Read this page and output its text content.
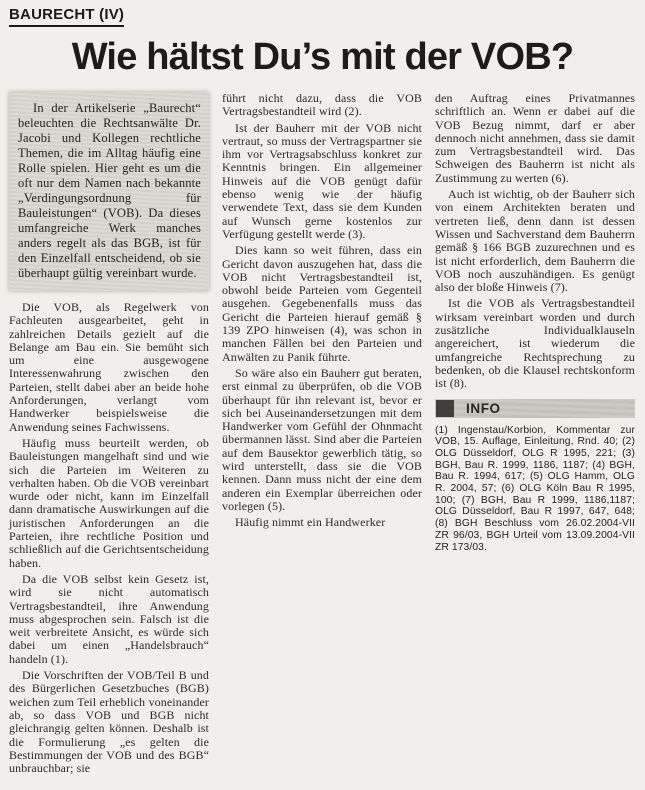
BAURECHT (IV)
Wie hältst Du’s mit der VOB?

In der Artikelserie „Baurecht“ beleuchten die Rechtsanwälte Dr. Jacobi und Kollegen rechtliche Themen, die im Alltag häufig eine Rolle spielen. Hier geht es um die oft nur dem Namen nach bekannte „Verdingungsordnung für Bauleistungen“ (VOB). Da dieses umfangreiche Werk manches anders regelt als das BGB, ist für den Einzelfall entscheidend, ob sie überhaupt gültig vereinbart wurde.

Die VOB, als Regelwerk von Fachleuten ausgearbeitet, geht in zahlreichen Details gezielt auf die Belange am Bau ein. Sie bemüht sich um eine ausgewogene Interessenwahrung zwischen den Parteien, stellt dabei aber an beide hohe Anforderungen, verlangt vom Handwerker beispielsweise die Anwendung seines Fachwissens.

Häufig muss beurteilt werden, ob Bauleistungen mangelhaft sind und wie sich die Parteien im Weiteren zu verhalten haben. Ob die VOB vereinbart wurde oder nicht, kann im Einzelfall dann dramatische Auswirkungen auf die juristischen Anforderungen an die Parteien, ihre rechtliche Position und schließlich auf die Gerichtsentscheidung haben.

Da die VOB selbst kein Gesetz ist, wird sie nicht automatisch Vertragsbestandteil, ihre Anwendung muss abgesprochen sein. Falsch ist die weit verbreitete Ansicht, es würde sich dabei um einen „Handelsbrauch“ handeln (1).

Die Vorschriften der VOB/Teil B und des Bürgerlichen Gesetzbuches (BGB) weichen zum Teil erheblich voneinander ab, so dass VOB und BGB nicht gleichrangig gelten können. Deshalb ist die Formulierung „es gelten die Bestimmungen der VOB und des BGB“ unbrauchbar; sie

führt nicht dazu, dass die VOB Vertragsbestandteil wird (2).

Ist der Bauherr mit der VOB nicht vertraut, so muss der Vertragspartner sie ihm vor Vertragsabschluss konkret zur Kenntnis bringen. Ein allgemeiner Hinweis auf die VOB genügt dafür ebenso wenig wie der häufig verwendete Text, dass sie dem Kunden auf Wunsch gerne kostenlos zur Verfügung gestellt werde (3).

Dies kann so weit führen, dass ein Gericht davon auszugehen hat, dass die VOB nicht Vertragsbestandteil ist, obwohl beide Parteien vom Gegenteil ausgehen. Gegebenenfalls muss das Gericht die Parteien hierauf gemäß § 139 ZPO hinweisen (4), was schon in manchen Fällen bei den Parteien und Anwälten zu Panik führte.

So wäre also ein Bauherr gut beraten, erst einmal zu überprüfen, ob die VOB überhaupt für ihn relevant ist, bevor er sich bei Auseinandersetzungen mit dem Handwerker vom Gefühl der Ohnmacht übermannen lässt. Sind aber die Parteien auf dem Bausektor gewerblich tätig, so wird unterstellt, dass sie die VOB kennen. Dann muss nicht der eine dem anderen ein Exemplar überreichen oder vorlegen (5).

Häufig nimmt ein Handwerker

den Auftrag eines Privatmannes schriftlich an. Wenn er dabei auf die VOB Bezug nimmt, darf er aber dennoch nicht annehmen, dass sie damit zum Vertragsbestandteil wird. Das Schweigen des Bauherrn ist nicht als Zustimmung zu werten (6).

Auch ist wichtig, ob der Bauherr sich von einem Architekten beraten und vertreten ließ, denn dann ist dessen Wissen und Sachverstand dem Bauherrn gemäß § 166 BGB zuzurechnen und es ist nicht erforderlich, dem Bauherrn die VOB noch auszuhändigen. Es genügt also der bloße Hinweis (7).

Ist die VOB als Vertragsbestandteil wirksam vereinbart worden und durch zusätzliche Individualklauseln angereichert, ist wiederum die umfangreiche Rechtsprechung zu bedenken, ob die Klausel rechtskonform ist (8).

INFO

(1) Ingenstau/Korbion, Kommentar zur VOB, 15. Auflage, Einleitung, Rnd. 40; (2) OLG Düsseldorf, OLG R 1995, 221; (3) BGH, Bau R. 1999, 1186, 1187; (4) BGH, Bau R. 1994, 617; (5) OLG Hamm, OLG R. 2004, 57; (6) OLG Köln Bau R 1995, 100; (7) BGH, Bau R 1999, 1186,1187; OLG Düsseldorf, Bau R 1997, 647, 648; (8) BGH Beschluss vom 26.02.2004-VII ZR 96/03, BGH Urteil vom 13.09.2004-VII ZR 173/03.
